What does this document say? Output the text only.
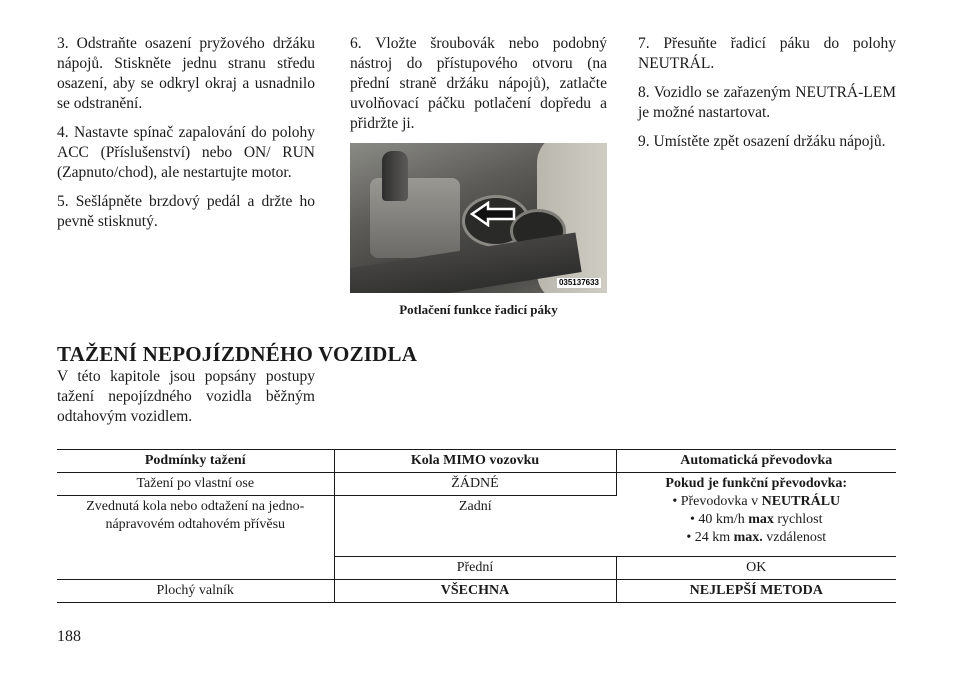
3. Odstraňte osazení pryžového držáku nápojů. Stiskněte jednu stranu středu osazení, aby se odkryl okraj a usnadnilo se odstranění.

4. Nastavte spínač zapalování do polohy ACC (Příslušenství) nebo ON/ RUN (Zapnuto/chod), ale nestartujte motor.

5. Sešlápněte brzdový pedál a držte ho pevně stisknutý.

6. Vložte šroubovák nebo podobný nástroj do přístupového otvoru (na přední straně držáku nápojů), zatlačte uvolňovací páčku potlačení dopředu a přidržte ji.

035137633
Potlačení funkce řadicí páky

7. Přesuňte řadicí páku do polohy NEUTRÁL.

8. Vozidlo se zařazeným NEUTRÁ-LEM je možné nastartovat.

9. Umístěte zpět osazení držáku nápojů.

TAŽENÍ NEPOJÍZDNÉHO VOZIDLA

V této kapitole jsou popsány postupy tažení nepojízdného vozidla běžným odtahovým vozidlem.

Podmínky tažení	Kola MIMO vozovku	Automatická převodovka
Tažení po vlastní ose	ŽÁDNÉ	Pokud je funkční převodovka:
• Převodovka v NEUTRÁLU
• 40 km/h max rychlost
• 24 km max. vzdálenost

Zvednutá kola nebo odtažení na jedno-nápravovém odtahovém přívěsu	Zadní	
	Přední	OK
Plochý valník	VŠECHNA	NEJLEPŠÍ METODA

188
